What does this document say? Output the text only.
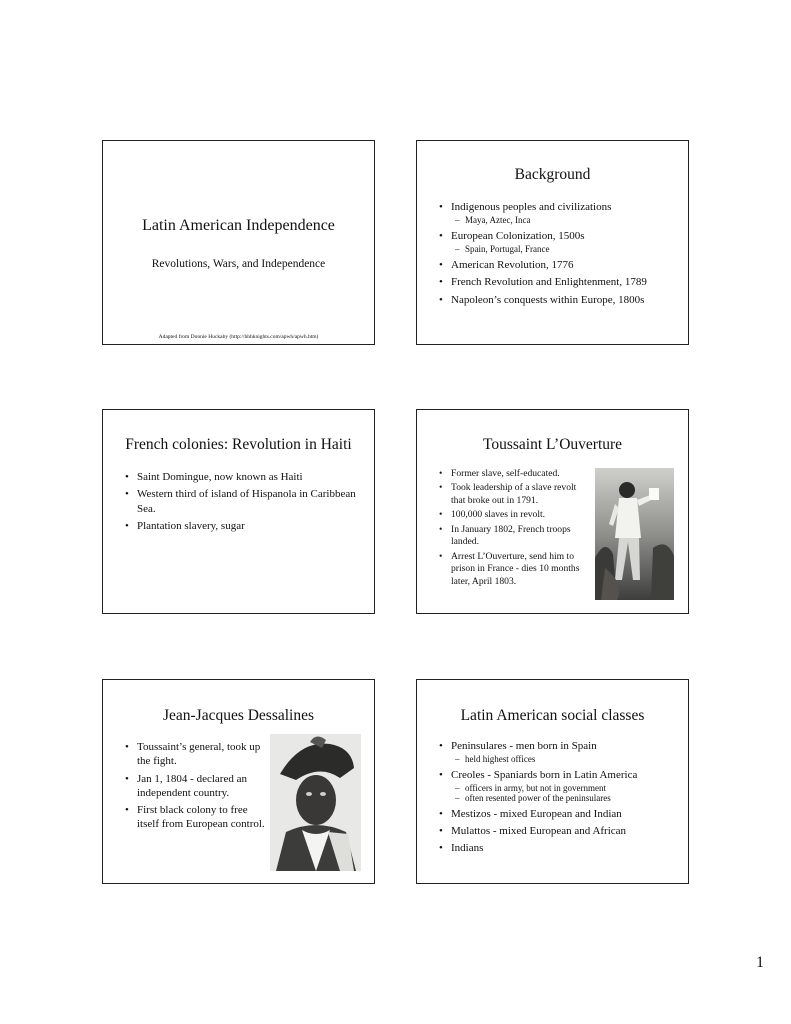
Latin American Independence
Revolutions, Wars, and Independence
Adapted from Donnie Huckaby (http://hhhknights.com/apwh/apwh.htm)
Background
• Indigenous peoples and civilizations
– Maya, Aztec, Inca
• European Colonization, 1500s
– Spain, Portugal, France
• American Revolution, 1776
• French Revolution and Enlightenment, 1789
• Napoleon’s conquests within Europe, 1800s
French colonies: Revolution in Haiti
• Saint Domingue, now known as Haiti
• Western third of island of Hispanola in Caribbean Sea.
• Plantation slavery, sugar
Toussaint L’Ouverture
• Former slave, self-educated.
• Took leadership of a slave revolt that broke out in 1791.
• 100,000 slaves in revolt.
• In January 1802, French troops landed.
• Arrest L’Ouverture, send him to prison in France - dies 10 months later, April 1803.
Jean-Jacques Dessalines
• Toussaint’s general, took up the fight.
• Jan 1, 1804 - declared an independent country.
• First black colony to free itself from European control.
Latin American social classes
• Peninsulares - men born in Spain
– held highest offices
• Creoles - Spaniards born in Latin America
– officers in army, but not in government
– often resented power of the peninsulares
• Mestizos - mixed European and Indian
• Mulattos - mixed European and African
• Indians
1
